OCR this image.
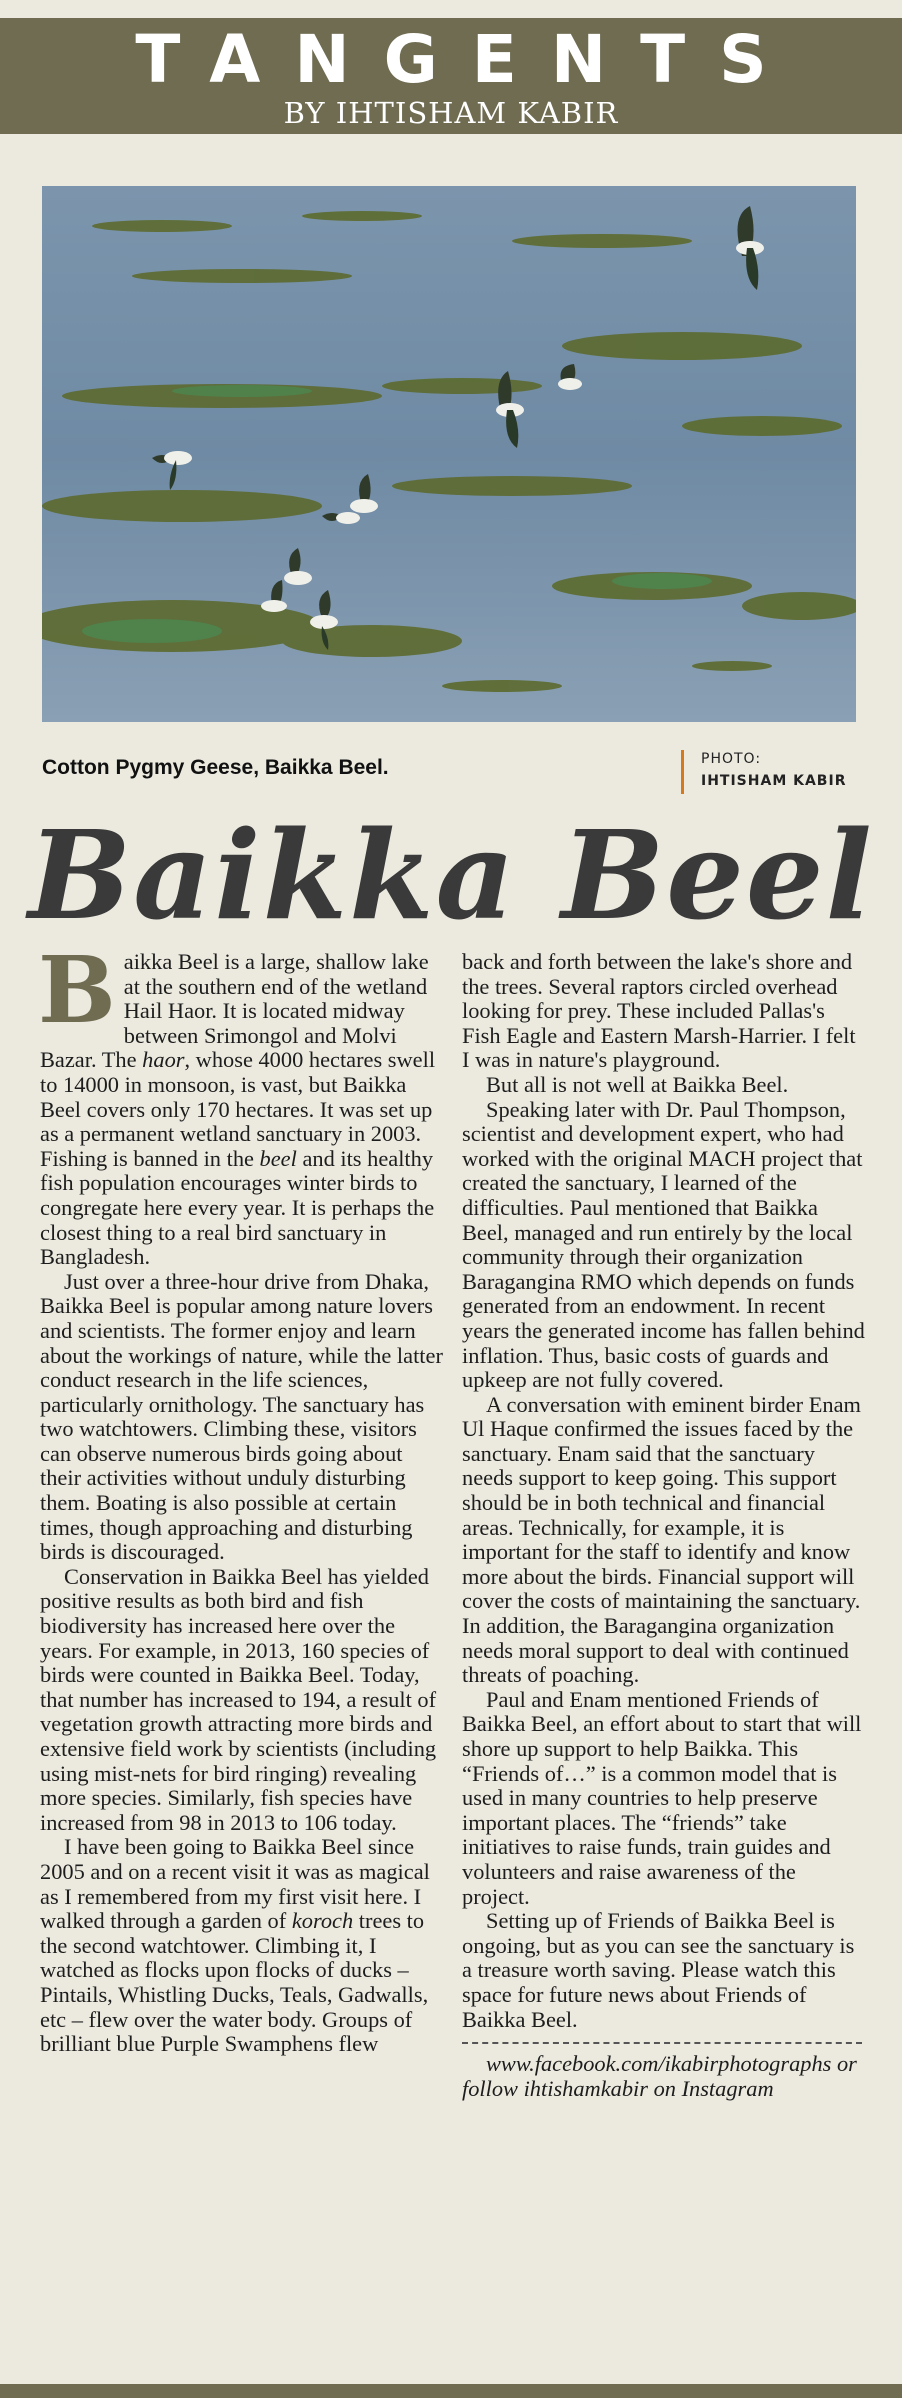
TANGENTS
BY IHTISHAM KABIR
Cotton Pygmy Geese, Baikka Beel.	PHOTO:
IHTISHAM KABIR
Baikka Beel

Baikka Beel is a large, shallow lake at the southern end of the wetland Hail Haor. It is located midway between Srimongol and Molvi Bazar. The haor, whose 4000 hectares swell to 14000 in monsoon, is vast, but Baikka Beel covers only 170 hectares. It was set up as a permanent wetland sanctuary in 2003. Fishing is banned in the beel and its healthy fish population encourages winter birds to congregate here every year. It is perhaps the closest thing to a real bird sanctuary in Bangladesh.

Just over a three-hour drive from Dhaka, Baikka Beel is popular among nature lovers and scientists. The former enjoy and learn about the workings of nature, while the latter conduct research in the life sciences, particularly ornithology. The sanctuary has two watchtowers. Climbing these, visitors can observe numerous birds going about their activities without unduly disturbing them. Boating is also possible at certain times, though approaching and disturbing birds is discouraged.

Conservation in Baikka Beel has yielded positive results as both bird and fish biodiversity has increased here over the years. For example, in 2013, 160 species of birds were counted in Baikka Beel. Today, that number has increased to 194, a result of vegetation growth attracting more birds and extensive field work by scientists (including using mist-nets for bird ringing) revealing more species. Similarly, fish species have increased from 98 in 2013 to 106 today.

I have been going to Baikka Beel since 2005 and on a recent visit it was as magical as I remembered from my first visit here. I walked through a garden of koroch trees to the second watchtower. Climbing it, I watched as flocks upon flocks of ducks – Pintails, Whistling Ducks, Teals, Gadwalls, etc – flew over the water body. Groups of brilliant blue Purple Swamphens flew

back and forth between the lake's shore and the trees. Several raptors circled overhead looking for prey. These included Pallas's Fish Eagle and Eastern Marsh-Harrier. I felt I was in nature's playground.

But all is not well at Baikka Beel.

Speaking later with Dr. Paul Thompson, scientist and development expert, who had worked with the original MACH project that created the sanctuary, I learned of the difficulties. Paul mentioned that Baikka Beel, managed and run entirely by the local community through their organization Baragangina RMO which depends on funds generated from an endowment. In recent years the generated income has fallen behind inflation. Thus, basic costs of guards and upkeep are not fully covered.

A conversation with eminent birder Enam Ul Haque confirmed the issues faced by the sanctuary. Enam said that the sanctuary needs support to keep going. This support should be in both technical and financial areas. Technically, for example, it is important for the staff to identify and know more about the birds. Financial support will cover the costs of maintaining the sanctuary. In addition, the Baragangina organization needs moral support to deal with continued threats of poaching.

Paul and Enam mentioned Friends of Baikka Beel, an effort about to start that will shore up support to help Baikka. This “Friends of…” is a common model that is used in many countries to help preserve important places. The “friends” take initiatives to raise funds, train guides and volunteers and raise awareness of the project.

Setting up of Friends of Baikka Beel is ongoing, but as you can see the sanctuary is a treasure worth saving. Please watch this space for future news about Friends of Baikka Beel.

www.facebook.com/ikabirphotographs or follow ihtishamkabir on Instagram
